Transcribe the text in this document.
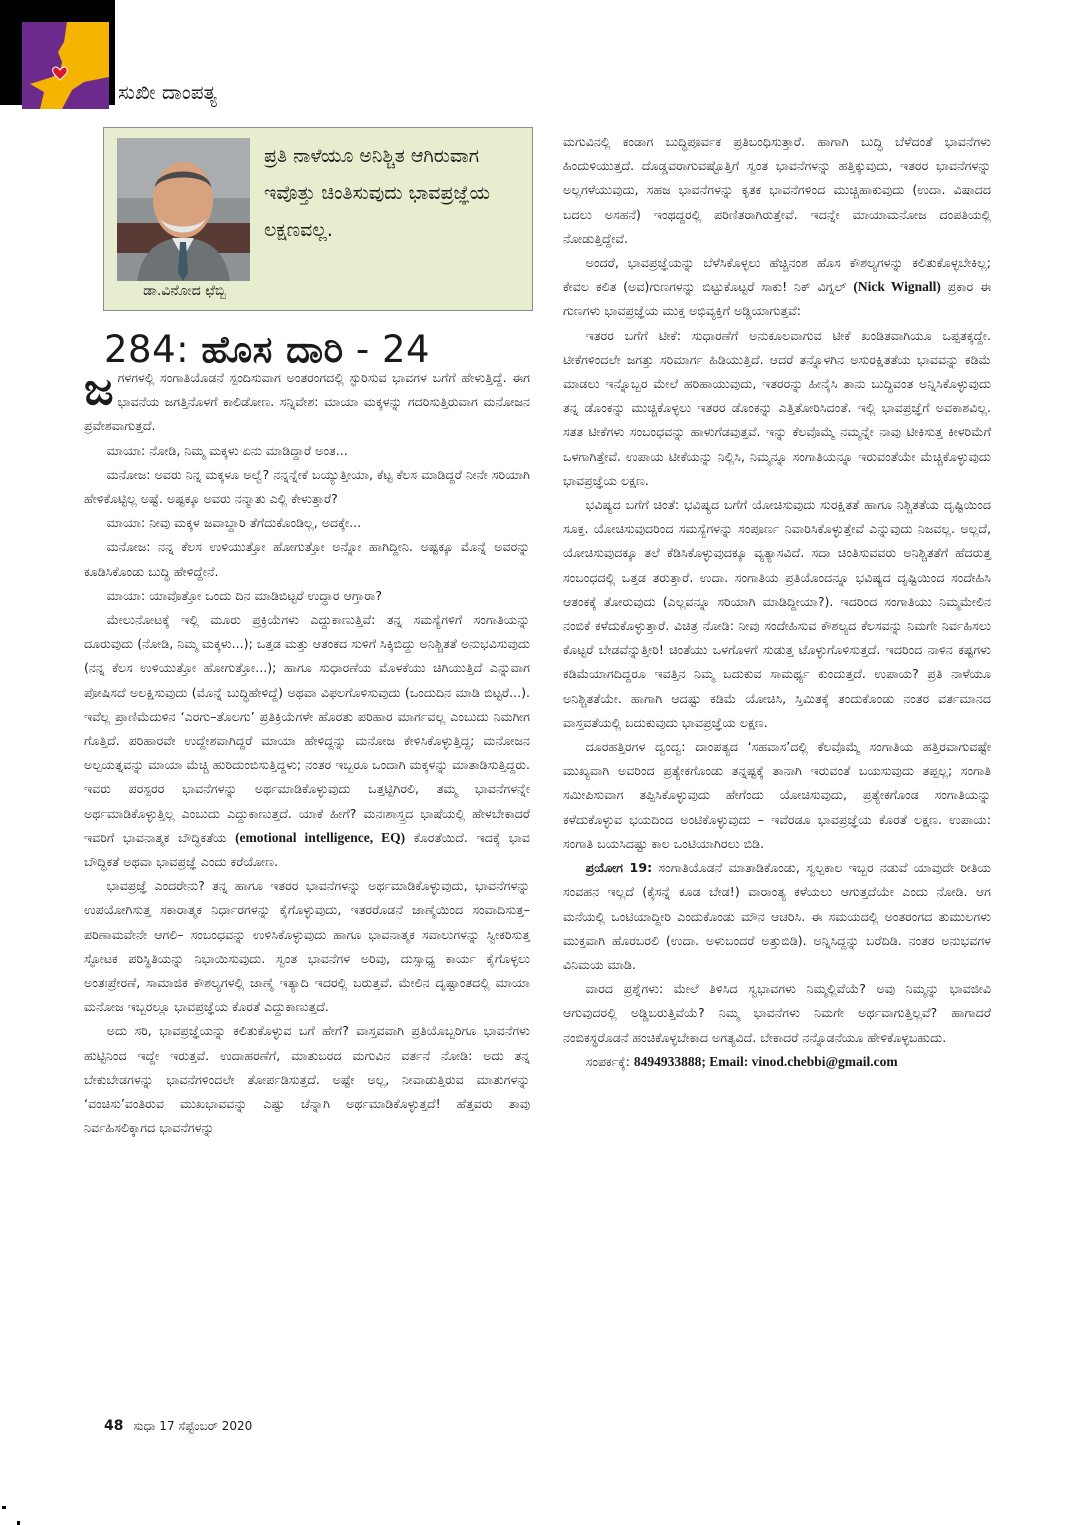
ಸುಖೀ ದಾಂಪತ್ಯ
ಡಾ.ವಿನೋದ ಛೆಬ್ಬಿ
ಪ್ರತಿ ನಾಳೆಯೂ ಅನಿಶ್ಚಿತ ಆಗಿರುವಾಗ ಇವೊತ್ತು ಚಿಂತಿಸುವುದು ಭಾವಪ್ರಜ್ಞೆಯ ಲಕ್ಷಣವಲ್ಲ.
284: ಹೊಸ ದಾರಿ - 24

ಜಗಳಗಳಲ್ಲಿ ಸಂಗಾತಿಯೊಡನೆ ಸ್ಪಂದಿಸುವಾಗ ಅಂತರಂಗದಲ್ಲಿ ಸ್ಫುರಿಸುವ ಭಾವಗಳ ಬಗೆಗೆ ಹೇಳುತ್ತಿದ್ದೆ. ಈಗ ಭಾವನೆಯ ಜಗತ್ತಿನೊಳಗೆ ಕಾಲಿಡೋಣ. ಸನ್ನಿವೇಶ: ಮಾಯಾ ಮಕ್ಕಳನ್ನು ಗದರಿಸುತ್ತಿರುವಾಗ ಮನೋಜನ ಪ್ರವೇಶವಾಗುತ್ತದೆ.

ಮಾಯಾ: ನೋಡಿ, ನಿಮ್ಮ ಮಕ್ಕಳು ಏನು ಮಾಡಿದ್ದಾರೆ ಅಂತ...

ಮನೋಜ: ಅವರು ನಿನ್ನ ಮಕ್ಕಳೂ ಅಲ್ವೆ? ನನ್ನನ್ನೇಕೆ ಬಯ್ಯುತ್ತೀಯಾ, ಕೆಟ್ಟ ಕೆಲಸ ಮಾಡಿದ್ದರೆ ನೀನೇ ಸರಿಯಾಗಿ ಹೇಳಿಕೊಟ್ಟಿಲ್ಲ ಅಷ್ಟೆ. ಅಷ್ಟಕ್ಕೂ ಅವರು ನನ್ಮಾತು ಎಲ್ಲಿ ಕೇಳುತ್ತಾರೆ?

ಮಾಯಾ: ನೀವು ಮಕ್ಕಳ ಜವಾಬ್ದಾರಿ ತೆಗೆದುಕೊಂಡಿಲ್ಲ, ಅದಕ್ಕೇ...

ಮನೋಜ: ನನ್ನ ಕೆಲಸ ಉಳಿಯುತ್ತೋ ಹೋಗುತ್ತೋ ಅನ್ನೋ ಹಾಗಿದ್ದೀನಿ. ಅಷ್ಟಕ್ಕೂ ಮೊನ್ನೆ ಅವರನ್ನು ಕೂಡಿಸಿಕೊಂಡು ಬುದ್ಧಿ ಹೇಳಿದ್ದೇನೆ.

ಮಾಯಾ: ಯಾವೊತ್ತೋ ಒಂದು ದಿನ ಮಾಡಿಬಿಟ್ಟರೆ ಉದ್ಧಾರ ಆಗ್ತಾರಾ?

ಮೇಲುನೋಟಕ್ಕೆ ಇಲ್ಲಿ ಮೂರು ಪ್ರಕ್ರಿಯೆಗಳು ಎದ್ದುಕಾಣುತ್ತಿವೆ: ತನ್ನ ಸಮಸ್ಯೆಗಳಿಗೆ ಸಂಗಾತಿಯನ್ನು ದೂರುವುದು (ನೋಡಿ, ನಿಮ್ಮ ಮಕ್ಕಳು...); ಒತ್ತಡ ಮತ್ತು ಆತಂಕದ ಸುಳಿಗೆ ಸಿಕ್ಕಿಬಿದ್ದು ಅನಿಶ್ಚಿತತೆ ಅನುಭವಿಸುವುದು (ನನ್ನ ಕೆಲಸ ಉಳಿಯುತ್ತೋ ಹೋಗುತ್ತೋ...); ಹಾಗೂ ಸುಧಾರಣೆಯ ಮೊಳಕೆಯು ಚಿಗಿಯುತ್ತಿದೆ ಎನ್ನುವಾಗ ಪೋಷಿಸದೆ ಅಲಕ್ಷಿಸುವುದು (ಮೊನ್ನೆ ಬುದ್ಧಿಹೇಳಿದ್ದೆ) ಅಥವಾ ವಿಫಲಗೊಳಿಸುವುದು (ಒಂದುದಿನ ಮಾಡಿ ಬಿಟ್ಟರೆ...). ಇವೆಲ್ಲ ಪ್ರಾಣಿಮೆದುಳಿನ ‘ಎರಗು–ತೊಲಗು’ ಪ್ರತಿಕ್ರಿಯೆಗಳೇ ಹೊರತು ಪರಿಹಾರ ಮಾರ್ಗವಲ್ಲ ಎಂಬುದು ನಿಮಗೀಗ ಗೊತ್ತಿದೆ. ಪರಿಹಾರವೇ ಉದ್ದೇಶವಾಗಿದ್ದರೆ ಮಾಯಾ ಹೇಳಿದ್ದನ್ನು ಮನೋಜ ಕೇಳಿಸಿಕೊಳ್ಳುತ್ತಿದ್ದ; ಮನೋಜನ ಅಲ್ಪಯತ್ನವನ್ನು ಮಾಯಾ ಮೆಚ್ಚಿ ಹುರಿದುಂಬಿಸುತ್ತಿದ್ದಳು; ನಂತರ ಇಬ್ಬರೂ ಒಂದಾಗಿ ಮಕ್ಕಳನ್ನು ಮಾತಾಡಿಸುತ್ತಿದ್ದರು. ಇವರು ಪರಸ್ಪರರ ಭಾವನೆಗಳನ್ನು ಅರ್ಥಮಾಡಿಕೊಳ್ಳುವುದು ಒತ್ತಟ್ಟಿಗಿರಲಿ, ತಮ್ಮ ಭಾವನೆಗಳನ್ನೇ ಅರ್ಥಮಾಡಿಕೊಳ್ಳುತ್ತಿಲ್ಲ ಎಂಬುದು ಎದ್ದುಕಾಣುತ್ತದೆ. ಯಾಕೆ ಹೀಗೆ? ಮನಃಶಾಸ್ತ್ರದ ಭಾಷೆಯಲ್ಲಿ ಹೇಳಬೇಕಾದರೆ ಇವರಿಗೆ ಭಾವನಾತ್ಮಕ ಬೌದ್ಧಿಕತೆಯ (emotional intelligence, EQ) ಕೊರತೆಯಿದೆ. ಇದಕ್ಕೆ ಭಾವ ಬೌದ್ಧಿಕತೆ ಅಥವಾ ಭಾವಪ್ರಜ್ಞೆ ಎಂದು ಕರೆಯೋಣ.

ಭಾವಪ್ರಜ್ಞೆ ಎಂದರೇನು? ತನ್ನ ಹಾಗೂ ಇತರರ ಭಾವನೆಗಳನ್ನು ಅರ್ಥಮಾಡಿಕೊಳ್ಳುವುದು, ಭಾವನೆಗಳನ್ನು ಉಪಯೋಗಿಸುತ್ತ ಸಕಾರಾತ್ಮಕ ನಿರ್ಧಾರಗಳನ್ನು ಕೈಗೊಳ್ಳುವುದು, ಇತರರೊಡನೆ ಜಾಣ್ಮೆಯಿಂದ ಸಂವಾದಿಸುತ್ತ– ಪರಿಣಾಮವೇನೇ ಆಗಲಿ– ಸಂಬಂಧವನ್ನು ಉಳಿಸಿಕೊಳ್ಳುವುದು ಹಾಗೂ ಭಾವನಾತ್ಮಕ ಸವಾಲುಗಳನ್ನು ಸ್ವೀಕರಿಸುತ್ತ ಸ್ಫೋಟಕ ಪರಿಸ್ಥಿತಿಯನ್ನು ನಿಭಾಯಿಸುವುದು. ಸ್ವಂತ ಭಾವನೆಗಳ ಅರಿವು, ದುಸ್ಸಾಧ್ಯ ಕಾರ್ಯ ಕೈಗೊಳ್ಳಲು ಅಂತಃಪ್ರೇರಣೆ, ಸಾಮಾಜಿಕ ಕೌಶಲ್ಯಗಳಲ್ಲಿ ಜಾಣ್ಮೆ ಇತ್ಯಾದಿ ಇದರಲ್ಲಿ ಬರುತ್ತವೆ. ಮೇಲಿನ ದೃಷ್ಟಾಂತದಲ್ಲಿ ಮಾಯಾ ಮನೋಜ ಇಬ್ಬರಲ್ಲೂ ಭಾವಪ್ರಜ್ಞೆಯ ಕೊರತೆ ಎದ್ದುಕಾಣುತ್ತದೆ.

ಅದು ಸರಿ, ಭಾವಪ್ರಜ್ಞೆಯನ್ನು ಕಲಿತುಕೊಳ್ಳುವ ಬಗೆ ಹೇಗೆ? ವಾಸ್ತವವಾಗಿ ಪ್ರತಿಯೊಬ್ಬರಿಗೂ ಭಾವನೆಗಳು ಹುಟ್ಟಿನಿಂದ ಇದ್ದೇ ಇರುತ್ತವೆ. ಉದಾಹರಣೆಗೆ, ಮಾತುಬರದ ಮಗುವಿನ ವರ್ತನೆ ನೋಡಿ: ಅದು ತನ್ನ ಬೇಕುಬೇಡಗಳನ್ನು ಭಾವನೆಗಳಿಂದಲೇ ತೋರ್ಪಡಿಸುತ್ತದೆ. ಅಷ್ಟೇ ಅಲ್ಲ, ನೀವಾಡುತ್ತಿರುವ ಮಾತುಗಳನ್ನು ‘ವಂಚಿಸು’ವಂತಿರುವ ಮುಖಭಾವವನ್ನು ಎಷ್ಟು ಚೆನ್ನಾಗಿ ಅರ್ಥಮಾಡಿಕೊಳ್ಳುತ್ತದೆ! ಹೆತ್ತವರು ತಾವು ನಿರ್ವಹಿಸಲಿಕ್ಕಾಗದ ಭಾವನೆಗಳನ್ನು

ಮಗುವಿನಲ್ಲಿ ಕಂಡಾಗ ಬುದ್ಧಿಪೂರ್ವಕ ಪ್ರತಿಬಂಧಿಸುತ್ತಾರೆ. ಹಾಗಾಗಿ ಬುದ್ಧಿ ಬೆಳೆದಂತೆ ಭಾವನೆಗಳು ಹಿಂದುಳಿಯುತ್ತದೆ. ದೊಡ್ಡವರಾಗುವಷ್ಟೊತ್ತಿಗೆ ಸ್ವಂತ ಭಾವನೆಗಳನ್ನು ಹತ್ತಿಕ್ಕುವುದು, ಇತರರ ಭಾವನೆಗಳನ್ನು ಅಲ್ಲಗಳೆಯುವುದು, ಸಹಜ ಭಾವನೆಗಳನ್ನು ಕೃತಕ ಭಾವನೆಗಳಿಂದ ಮುಚ್ಚಿಹಾಕುವುದು (ಉದಾ. ವಿಷಾದದ ಬದಲು ಅಸಹನೆ) ಇಂಥದ್ದರಲ್ಲಿ ಪರಿಣಿತರಾಗಿರುತ್ತೇವೆ. ಇದನ್ನೇ ಮಾಯಾಮನೋಜ ದಂಪತಿಯಲ್ಲಿ ನೋಡುತ್ತಿದ್ದೇವೆ.

ಅಂದರೆ, ಭಾವಪ್ರಜ್ಞೆಯನ್ನು ಬೆಳೆಸಿಕೊಳ್ಳಲು ಹೆಚ್ಚಿನಂಶ ಹೊಸ ಕೌಶಲ್ಯಗಳನ್ನು ಕಲಿತುಕೊಳ್ಳಬೇಕಿಲ್ಲ; ಕೇವಲ ಕಲಿತ (ಅವ)ಗುಣಗಳನ್ನು ಬಿಟ್ಟುಕೊಟ್ಟರೆ ಸಾಕು! ನಿಕ್ ವಿಗ್ನಲ್ (Nick Wignall) ಪ್ರಕಾರ ಈ ಗುಣಗಳು ಭಾವಪ್ರಜ್ಞೆಯ ಮುಕ್ತ ಅಭಿವ್ಯಕ್ತಿಗೆ ಅಡ್ಡಿಯಾಗುತ್ತವೆ:

ಇತರರ ಬಗೆಗೆ ಟೀಕೆ: ಸುಧಾರಣೆಗೆ ಅನುಕೂಲವಾಗುವ ಟೀಕೆ ಖಂಡಿತವಾಗಿಯೂ ಒಪ್ಪತಕ್ಕದ್ದೇ. ಟೀಕೆಗಳಿಂದಲೇ ಜಗತ್ತು ಸರಿಮಾರ್ಗ ಹಿಡಿಯುತ್ತಿದೆ. ಆದರೆ ತನ್ನೊಳಗಿನ ಅಸುರಕ್ಷಿತತೆಯ ಭಾವವನ್ನು ಕಡಿಮೆ ಮಾಡಲು ಇನ್ನೊಬ್ಬರ ಮೇಲೆ ಹರಿಹಾಯುವುದು, ಇತರರನ್ನು ಹೀನೈಸಿ ತಾನು ಬುದ್ಧಿವಂತ ಅನ್ನಿಸಿಕೊಳ್ಳುವುದು ತನ್ನ ಡೊಂಕನ್ನು ಮುಚ್ಚಿಕೊಳ್ಳಲು ಇತರರ ಡೊಂಕನ್ನು ಎತ್ತಿತೋರಿಸಿದಂತೆ. ಇಲ್ಲಿ ಭಾವಪ್ರಜ್ಞೆಗೆ ಅವಕಾಶವಿಲ್ಲ. ಸತತ ಟೀಕೆಗಳು ಸಂಬಂಧವನ್ನು ಹಾಳುಗೆಡವುತ್ತವೆ. ಇನ್ನು ಕೆಲವೊಮ್ಮೆ ನಮ್ಮನ್ನೇ ನಾವು ಟೀಕಿಸುತ್ತ ಕೀಳರಿಮೆಗೆ ಒಳಗಾಗಿತ್ತೇವೆ. ಉಪಾಯ ಟೀಕೆಯನ್ನು ನಿಲ್ಲಿಸಿ, ನಿಮ್ಮನ್ನೂ ಸಂಗಾತಿಯನ್ನೂ ಇರುವಂತೆಯೇ ಮೆಚ್ಚಿಕೊಳ್ಳುವುದು ಭಾವಪ್ರಜ್ಞೆಯ ಲಕ್ಷಣ.

ಭವಿಷ್ಯದ ಬಗೆಗೆ ಚಿಂತೆ: ಭವಿಷ್ಯದ ಬಗೆಗೆ ಯೋಚಿಸುವುದು ಸುರಕ್ಷಿತತೆ ಹಾಗೂ ನಿಶ್ಚಿತತೆಯ ದೃಷ್ಟಿಯಿಂದ ಸೂಕ್ತ. ಯೋಚಿಸುವುದರಿಂದ ಸಮಸ್ಯೆಗಳನ್ನು ಸಂಪೂರ್ಣ ನಿವಾರಿಸಿಕೊಳ್ಳುತ್ತೇವೆ ಎನ್ನುವುದು ನಿಜವಲ್ಲ. ಅಲ್ಲದೆ, ಯೋಚಿಸುವುದಕ್ಕೂ ತಲೆ ಕೆಡಿಸಿಕೊಳ್ಳುವುದಕ್ಕೂ ವ್ಯತ್ಯಾಸವಿದೆ. ಸದಾ ಚಿಂತಿಸುವವರು ಅನಿಶ್ಚಿತತೆಗೆ ಹೆದರುತ್ತ ಸಂಬಂಧದಲ್ಲಿ ಒತ್ತಡ ತರುತ್ತಾರೆ. ಉದಾ. ಸಂಗಾತಿಯ ಪ್ರತಿಯೊಂದನ್ನೂ ಭವಿಷ್ಯದ ದೃಷ್ಟಿಯಿಂದ ಸಂದೇಹಿಸಿ ಆತಂಕಕ್ಕೆ ತೋರುವುದು (ಎಲ್ಲವನ್ನೂ ಸರಿಯಾಗಿ ಮಾಡಿದ್ದೀಯಾ?). ಇದರಿಂದ ಸಂಗಾತಿಯು ನಿಮ್ಮಮೇಲಿನ ನಂಬಿಕೆ ಕಳೆದುಕೊಳ್ಳುತ್ತಾರೆ. ವಿಚಿತ್ರ ನೋಡಿ: ನೀವು ಸಂದೇಹಿಸುವ ಕೌಶಲ್ಯದ ಕೆಲಸವನ್ನು ನಿಮಗೇ ನಿರ್ವಹಿಸಲು ಕೊಟ್ಟರೆ ಬೇಡವೆನ್ನುತ್ತೀರಿ! ಚಿಂತೆಯು ಒಳಗೊಳಗೆ ಸುಡುತ್ತ ಟೊಳ್ಳುಗೊಳಿಸುತ್ತದೆ. ಇದರಿಂದ ನಾಳಿನ ಕಷ್ಟಗಳು ಕಡಿಮೆಯಾಗದಿದ್ದರೂ ಇವತ್ತಿನ ನಿಮ್ಮ ಬದುಕುವ ಸಾಮರ್ಥ್ಯ ಕುಂದುತ್ತದೆ. ಉಪಾಯ? ಪ್ರತಿ ನಾಳೆಯೂ ಅನಿಶ್ಚಿತತೆಯೇ. ಹಾಗಾಗಿ ಆದಷ್ಟು ಕಡಿಮೆ ಯೋಚಿಸಿ, ಸ್ತಿಮಿತಕ್ಕೆ ತಂದುಕೊಂಡು ನಂತರ ವರ್ತಮಾನದ ವಾಸ್ತವತೆಯಲ್ಲಿ ಬದುಕುವುದು ಭಾವಪ್ರಜ್ಞೆಯ ಲಕ್ಷಣ.

ದೂರಹತ್ತಿರಗಳ ದ್ವಂದ್ವ: ದಾಂಪತ್ಯದ ‘ಸಹವಾಸ’ದಲ್ಲಿ ಕೆಲವೊಮ್ಮೆ ಸಂಗಾತಿಯ ಹತ್ತಿರವಾಗುವಷ್ಟೇ ಮುಖ್ಯವಾಗಿ ಅವರಿಂದ ಪ್ರತ್ಯೇಕಗೊಂಡು ತನ್ನಷ್ಟಕ್ಕೆ ತಾನಾಗಿ ಇರುವಂತೆ ಬಯಸುವುದು ತಪ್ಪಲ್ಲ; ಸಂಗಾತಿ ಸಮೀಪಿಸುವಾಗ ತಪ್ಪಿಸಿಕೊಳ್ಳುವುದು ಹೇಗೆಂದು ಯೋಚಿಸುವುದು, ಪ್ರತ್ಯೇಕಗೊಂಡ ಸಂಗಾತಿಯನ್ನು ಕಳೆದುಕೊಳ್ಳುವ ಭಯದಿಂದ ಅಂಟಿಕೊಳ್ಳುವುದು – ಇವೆರಡೂ ಭಾವಪ್ರಜ್ಞೆಯ ಕೊರತೆ ಲಕ್ಷಣ. ಉಪಾಯ: ಸಂಗಾತಿ ಬಯಸಿದಷ್ಟು ಕಾಲ ಒಂಟಿಯಾಗಿರಲು ಬಿಡಿ.

ಪ್ರಯೋಗ 19: ಸಂಗಾತಿಯೊಡನೆ ಮಾತಾಡಿಕೊಂಡು, ಸ್ವಲ್ಪಕಾಲ ಇಬ್ಬರ ನಡುವೆ ಯಾವುದೇ ರೀತಿಯ ಸಂವಹನ ಇಲ್ಲದೆ (ಕೈಸನ್ನೆ ಕೂಡ ಬೇಡ!) ವಾರಾಂತ್ಯ ಕಳೆಯಲು ಆಗುತ್ತದೆಯೇ ಎಂದು ನೋಡಿ. ಆಗ ಮನೆಯಲ್ಲಿ ಒಂಟಿಯಾದ್ದೀರಿ ಎಂದುಕೊಂಡು ಮೌನ ಆಚರಿಸಿ. ಈ ಸಮಯದಲ್ಲಿ ಅಂತರಂಗದ ತುಮುಲಗಳು ಮುಕ್ತವಾಗಿ ಹೊರಬರಲಿ (ಉದಾ. ಅಳುಬಂದರೆ ಅತ್ತುಬಿಡಿ). ಅನ್ನಿಸಿದ್ದನ್ನು ಬರೆದಿಡಿ. ನಂತರ ಅನುಭವಗಳ ವಿನಿಮಯ ಮಾಡಿ.

ವಾರದ ಪ್ರಶ್ನೆಗಳು: ಮೇಲೆ ತಿಳಿಸಿದ ಸ್ವಭಾವಗಳು ನಿಮ್ಮಲ್ಲಿವೆಯೆ? ಅವು ನಿಮ್ಮನ್ನು ಭಾವಜೀವಿ ಆಗುವುದರಲ್ಲಿ ಅಡ್ಡಿಬರುತ್ತಿವೆಯೆ? ನಿಮ್ಮ ಭಾವನೆಗಳು ನಿಮಗೇ ಅರ್ಥವಾಗುತ್ತಿಲ್ಲವೆ? ಹಾಗಾದರೆ ನಂಬಿಕಸ್ಥರೊಡನೆ ಹಂಚಿಕೊಳ್ಳಬೇಕಾದ ಅಗತ್ಯವಿದೆ. ಬೇಕಾದರೆ ನನ್ನೊಡನೆಯೂ ಹೇಳಿಕೊಳ್ಳಬಹುದು.

ಸಂಪರ್ಕಕ್ಕೆ: 8494933888; Email: vinod.chebbi@gmail.com

48 ಸುಧಾ 17 ಸೆಪ್ಟೆಂಬರ್ 2020
